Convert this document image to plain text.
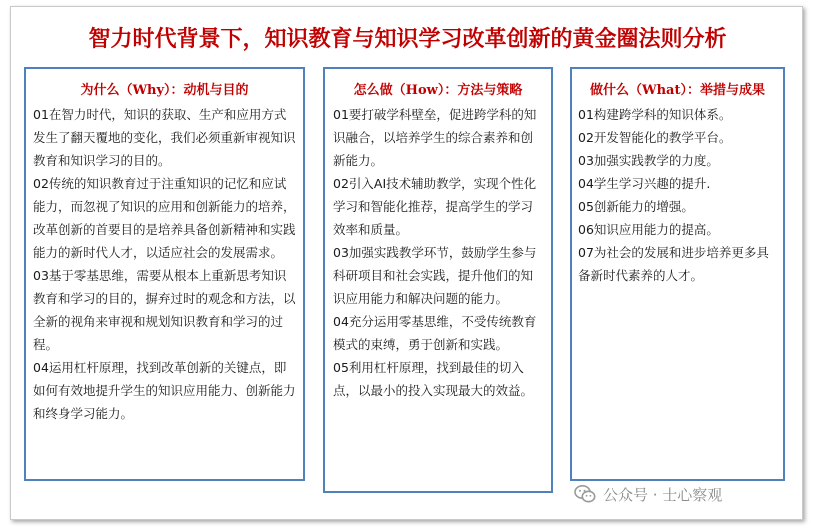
智力时代背景下，知识教育与知识学习改革创新的黄金圈法则分析
为什么（Why）：动机与目的

01在智力时代，知识的获取、生产和应用方式发生了翻天覆地的变化，我们必须重新审视知识教育和知识学习的目的。

02传统的知识教育过于注重知识的记忆和应试能力，而忽视了知识的应用和创新能力的培养，改革创新的首要目的是培养具备创新精神和实践能力的新时代人才，以适应社会的发展需求。

03基于零基思维，需要从根本上重新思考知识教育和学习的目的，摒弃过时的观念和方法，以全新的视角来审视和规划知识教育和学习的过程。

04运用杠杆原理，找到改革创新的关键点，即如何有效地提升学生的知识应用能力、创新能力和终身学习能力。

怎么做（How）：方法与策略

01要打破学科壁垒，促进跨学科的知识融合，以培养学生的综合素养和创新能力。

02引入AI技术辅助教学，实现个性化学习和智能化推荐，提高学生的学习效率和质量。

03加强实践教学环节，鼓励学生参与科研项目和社会实践，提升他们的知识应用能力和解决问题的能力。

04充分运用零基思维，不受传统教育模式的束缚，勇于创新和实践。

05利用杠杆原理，找到最佳的切入点，以最小的投入实现最大的效益。

做什么（What）：举措与成果

01构建跨学科的知识体系。

02开发智能化的教学平台。

03加强实践教学的力度。

04学生学习兴趣的提升.

05创新能力的增强。

06知识应用能力的提高。

07为社会的发展和进步培养更多具备新时代素养的人才。

公众号 · 士心察观
